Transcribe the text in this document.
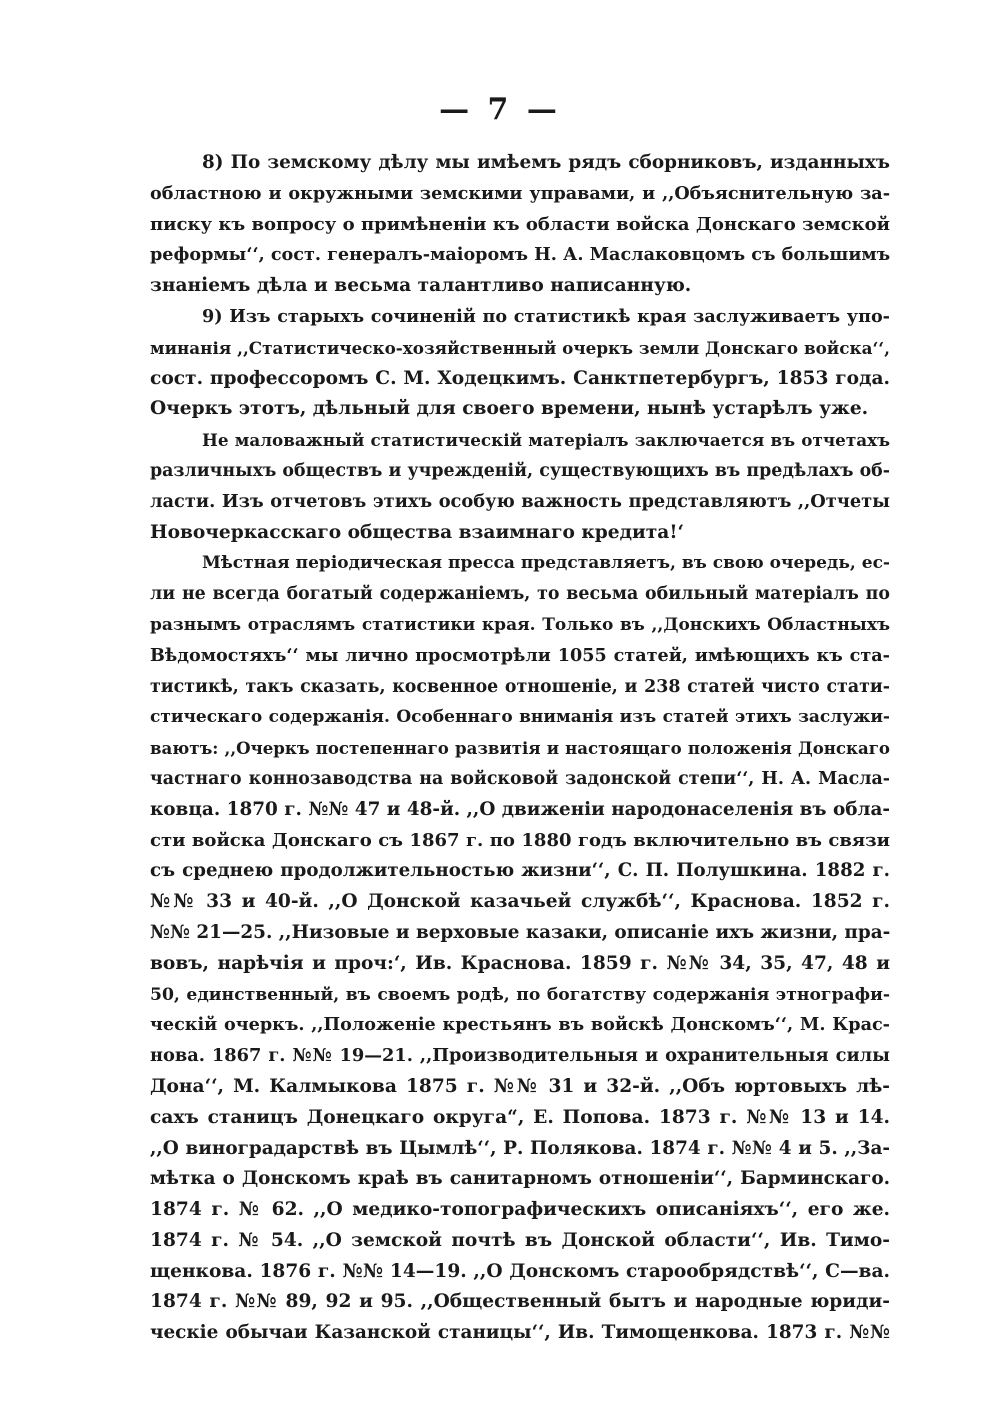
— 7 —
8) По земскому дѣлу мы имѣемъ рядъ сборниковъ, изданныхъ
областною и окружными земскими управами, и ,,Объяснительную за-
писку къ вопросу о примѣненіи къ области войска Донскаго земской
реформы‘‘, сост. генералъ-маіоромъ Н. А. Маслаковцомъ съ большимъ
знаніемъ дѣла и весьма талантливо написанную.
9) Изъ старыхъ сочиненій по статистикѣ края заслуживаетъ упо-
минанія ,,Статистическо-хозяйственный очеркъ земли Донскаго войска‘‘,
сост. профессоромъ С. М. Ходецкимъ. Санктпетербургъ, 1853 года.
Очеркъ этотъ, дѣльный для своего времени, нынѣ устарѣлъ уже.
Не маловажный статистическій матеріалъ заключается въ отчетахъ
различныхъ обществъ и учрежденій, существующихъ въ предѣлахъ об-
ласти. Изъ отчетовъ этихъ особую важность представляютъ ,,Отчеты
Новочеркасскаго общества взаимнаго кредита!‘
Мѣстная періодическая пресса представляетъ, въ свою очередь, ес-
ли не всегда богатый содержаніемъ, то весьма обильный матеріалъ по
разнымъ отраслямъ статистики края. Только въ ,,Донскихъ Областныхъ
Вѣдомостяхъ‘‘ мы лично просмотрѣли 1055 статей, имѣющихъ къ ста-
тистикѣ, такъ сказать, косвенное отношеніе, и 238 статей чисто стати-
стическаго содержанія. Особеннаго вниманія изъ статей этихъ заслужи-
ваютъ: ,,Очеркъ постепеннаго развитія и настоящаго положенія Донскаго
частнаго коннозаводства на войсковой задонской степи‘‘, Н. А. Масла-
ковца. 1870 г. №№ 47 и 48-й. ,,О движеніи народонаселенія въ обла-
сти войска Донскаго съ 1867 г. по 1880 годъ включительно въ связи
съ среднею продолжительностью жизни‘‘, С. П. Полушкина. 1882 г.
№№ 33 и 40-й. ,,О Донской казачьей службѣ‘‘, Краснова. 1852 г.
№№ 21—25. ,,Низовые и верховые казаки, описаніе ихъ жизни, пра-
вовъ, нарѣчія и проч:‘, Ив. Краснова. 1859 г. №№ 34, 35, 47, 48 и
50, единственный, въ своемъ родѣ, по богатству содержанія этнографи-
ческій очеркъ. ,,Положеніе крестьянъ въ войскѣ Донскомъ‘‘, М. Крас-
нова. 1867 г. №№ 19—21. ,,Производительныя и охранительныя силы
Дона‘‘, М. Калмыкова 1875 г. №№ 31 и 32-й. ,,Объ юртовыхъ лѣ-
сахъ станицъ Донецкаго округа“, Е. Попова. 1873 г. №№ 13 и 14.
,,О виноградарствѣ въ Цымлѣ‘‘, Р. Полякова. 1874 г. №№ 4 и 5. ,,За-
мѣтка о Донскомъ краѣ въ санитарномъ отношеніи‘‘, Барминскаго.
1874 г. № 62. ,,О медико-топографическихъ описаніяхъ‘‘, его же.
1874 г. № 54. ,,О земской почтѣ въ Донской области‘‘, Ив. Тимо-
щенкова. 1876 г. №№ 14—19. ,,О Донскомъ старообрядствѣ‘‘, С—ва.
1874 г. №№ 89, 92 и 95. ,,Общественный бытъ и народные юриди-
ческіе обычаи Казанской станицы‘‘, Ив. Тимощенкова. 1873 г. №№
